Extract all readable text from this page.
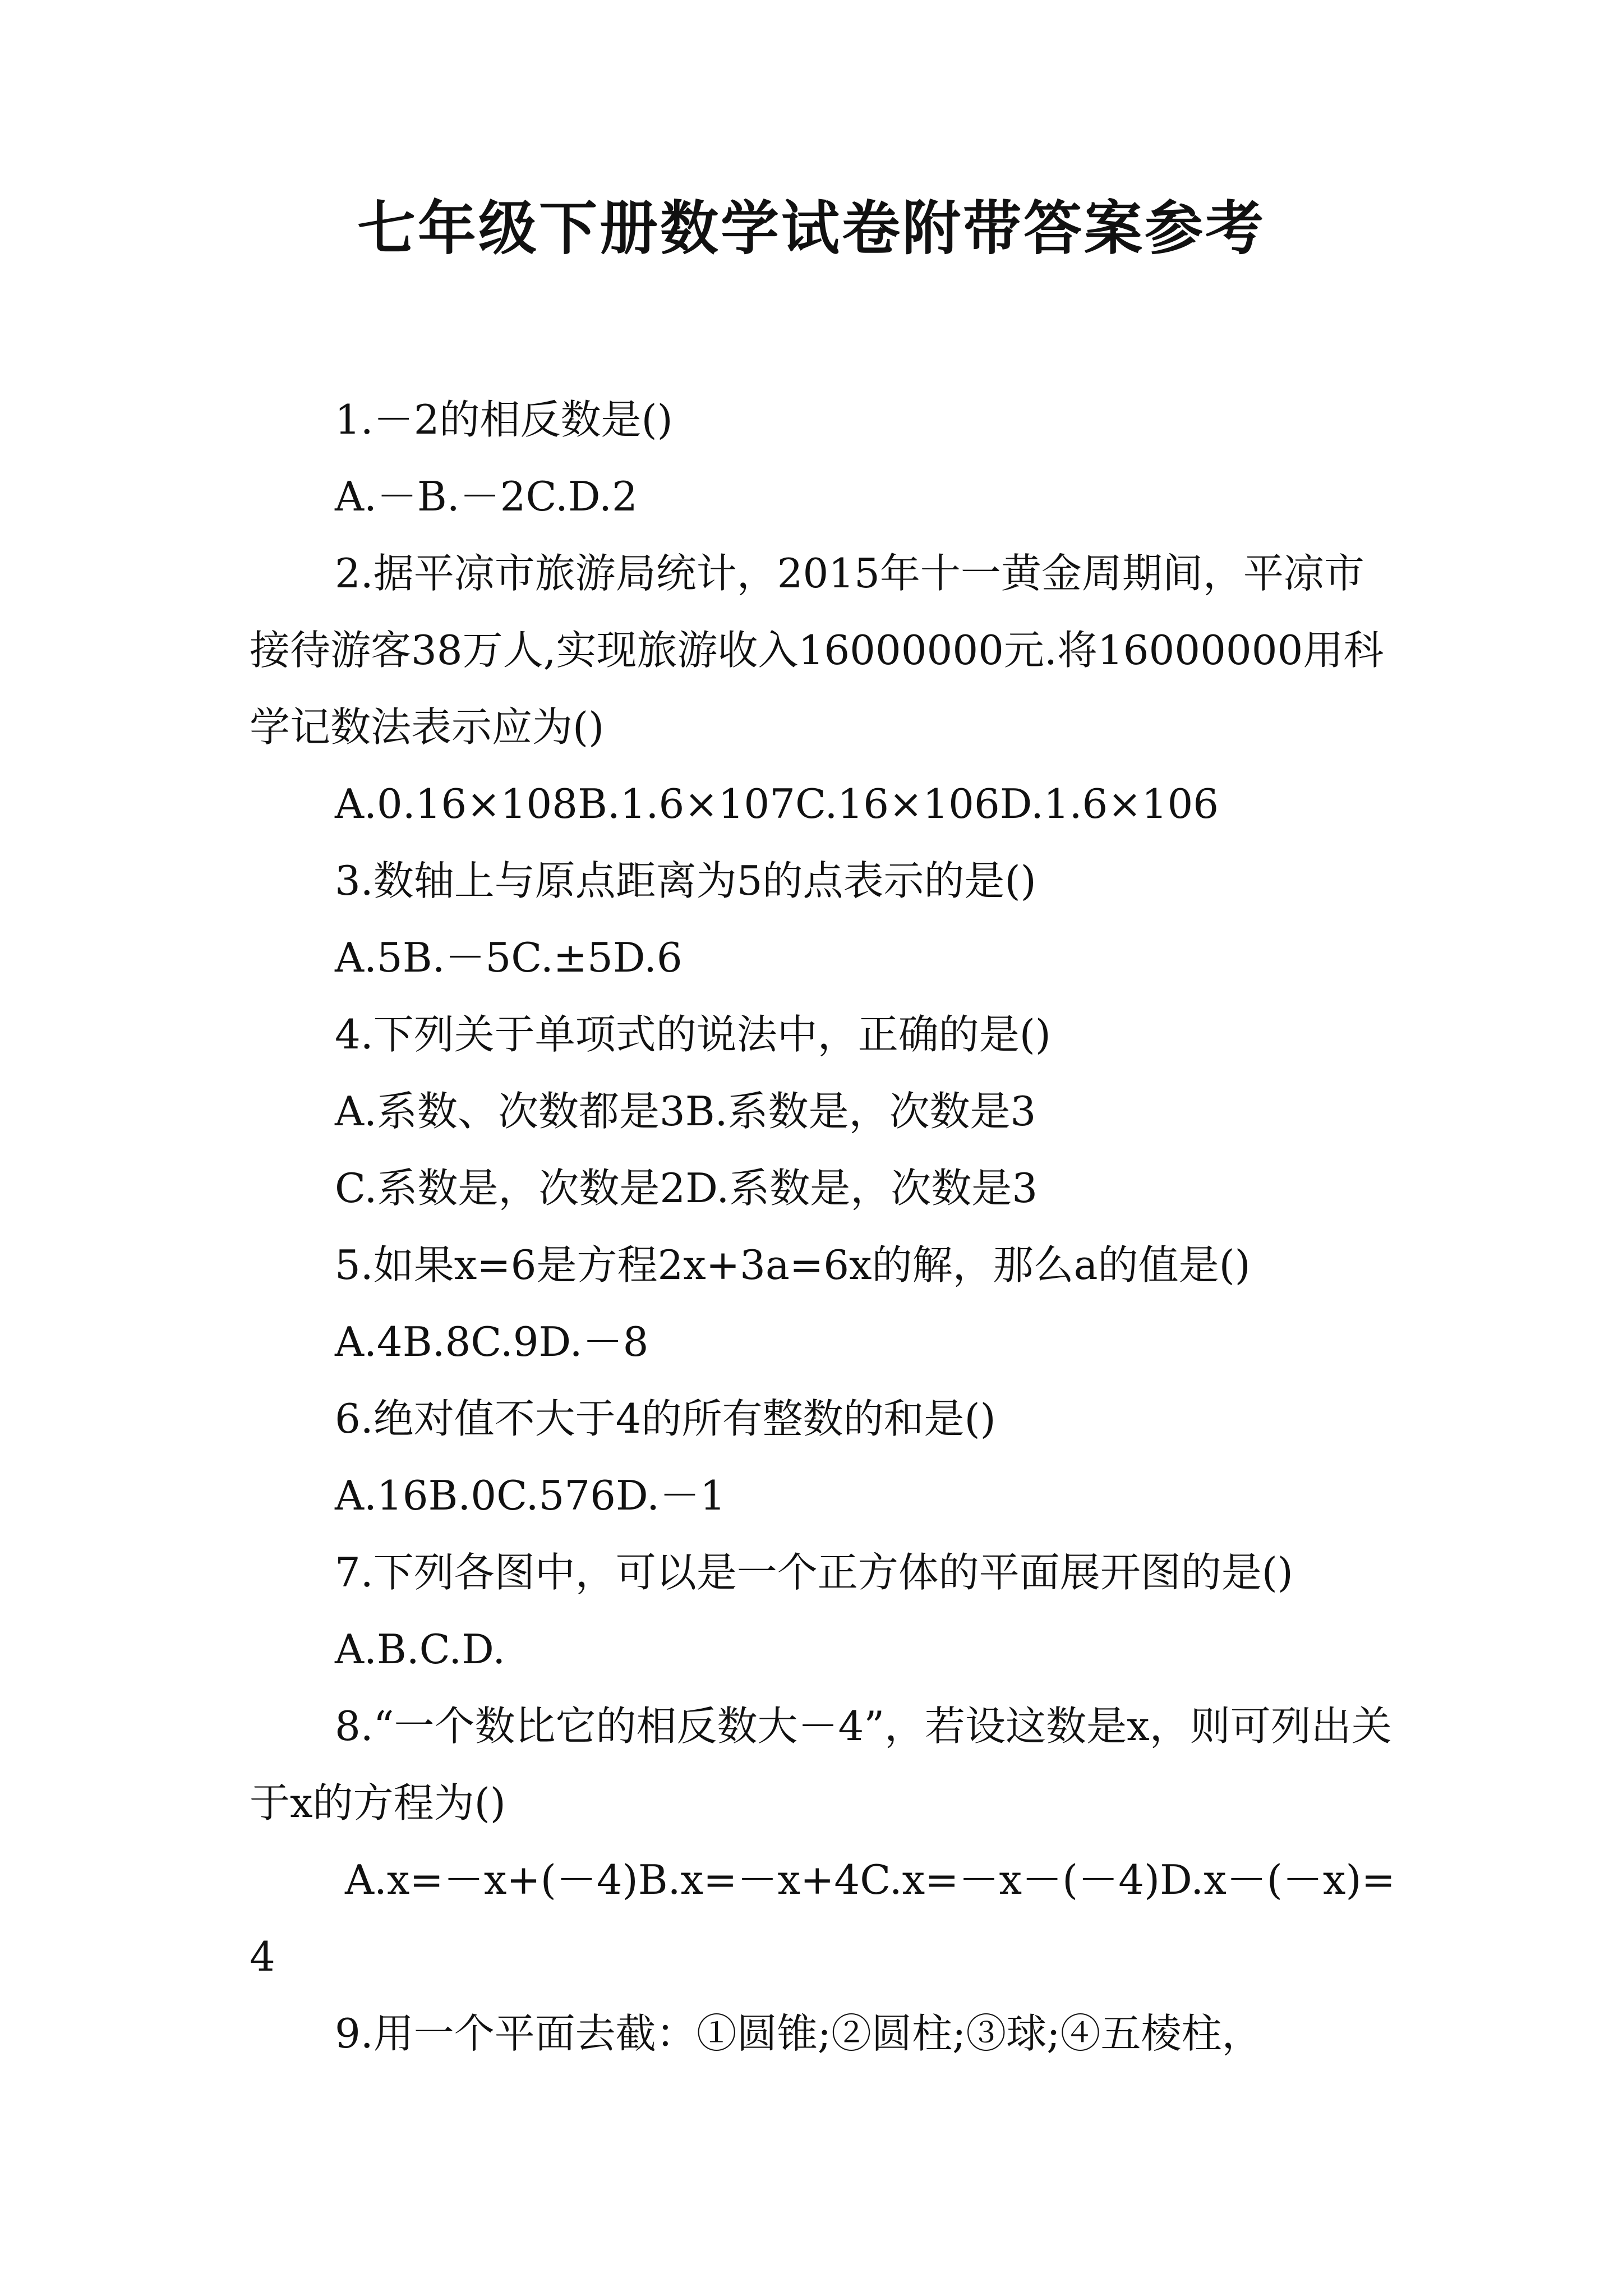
七年级下册数学试卷附带答案参考

1.－2的相反数是()

A.－B.－2C.D.2

2.据平凉市旅游局统计，2015年十一黄金周期间，平凉市接待游客38万人,实现旅游收入16000000元.将16000000用科学记数法表示应为()

A.0.16×108B.1.6×107C.16×106D.1.6×106

3.数轴上与原点距离为5的点表示的是()

A.5B.－5C.±5D.6

4.下列关于单项式的说法中，正确的是()

A.系数、次数都是3B.系数是，次数是3

C.系数是，次数是2D.系数是，次数是3

5.如果x=6是方程2x+3a=6x的解，那么a的值是()

A.4B.8C.9D.－8

6.绝对值不大于4的所有整数的和是()

A.16B.0C.576D.－1

7.下列各图中，可以是一个正方体的平面展开图的是()

A.B.C.D.

8.“一个数比它的相反数大－4”，若设这数是x，则可列出关于x的方程为()

A.x=－x+(－4)B.x=－x+4C.x=－x－(－4)D.x－(－x)=4

9.用一个平面去截：①圆锥;②圆柱;③球;④五棱柱，
